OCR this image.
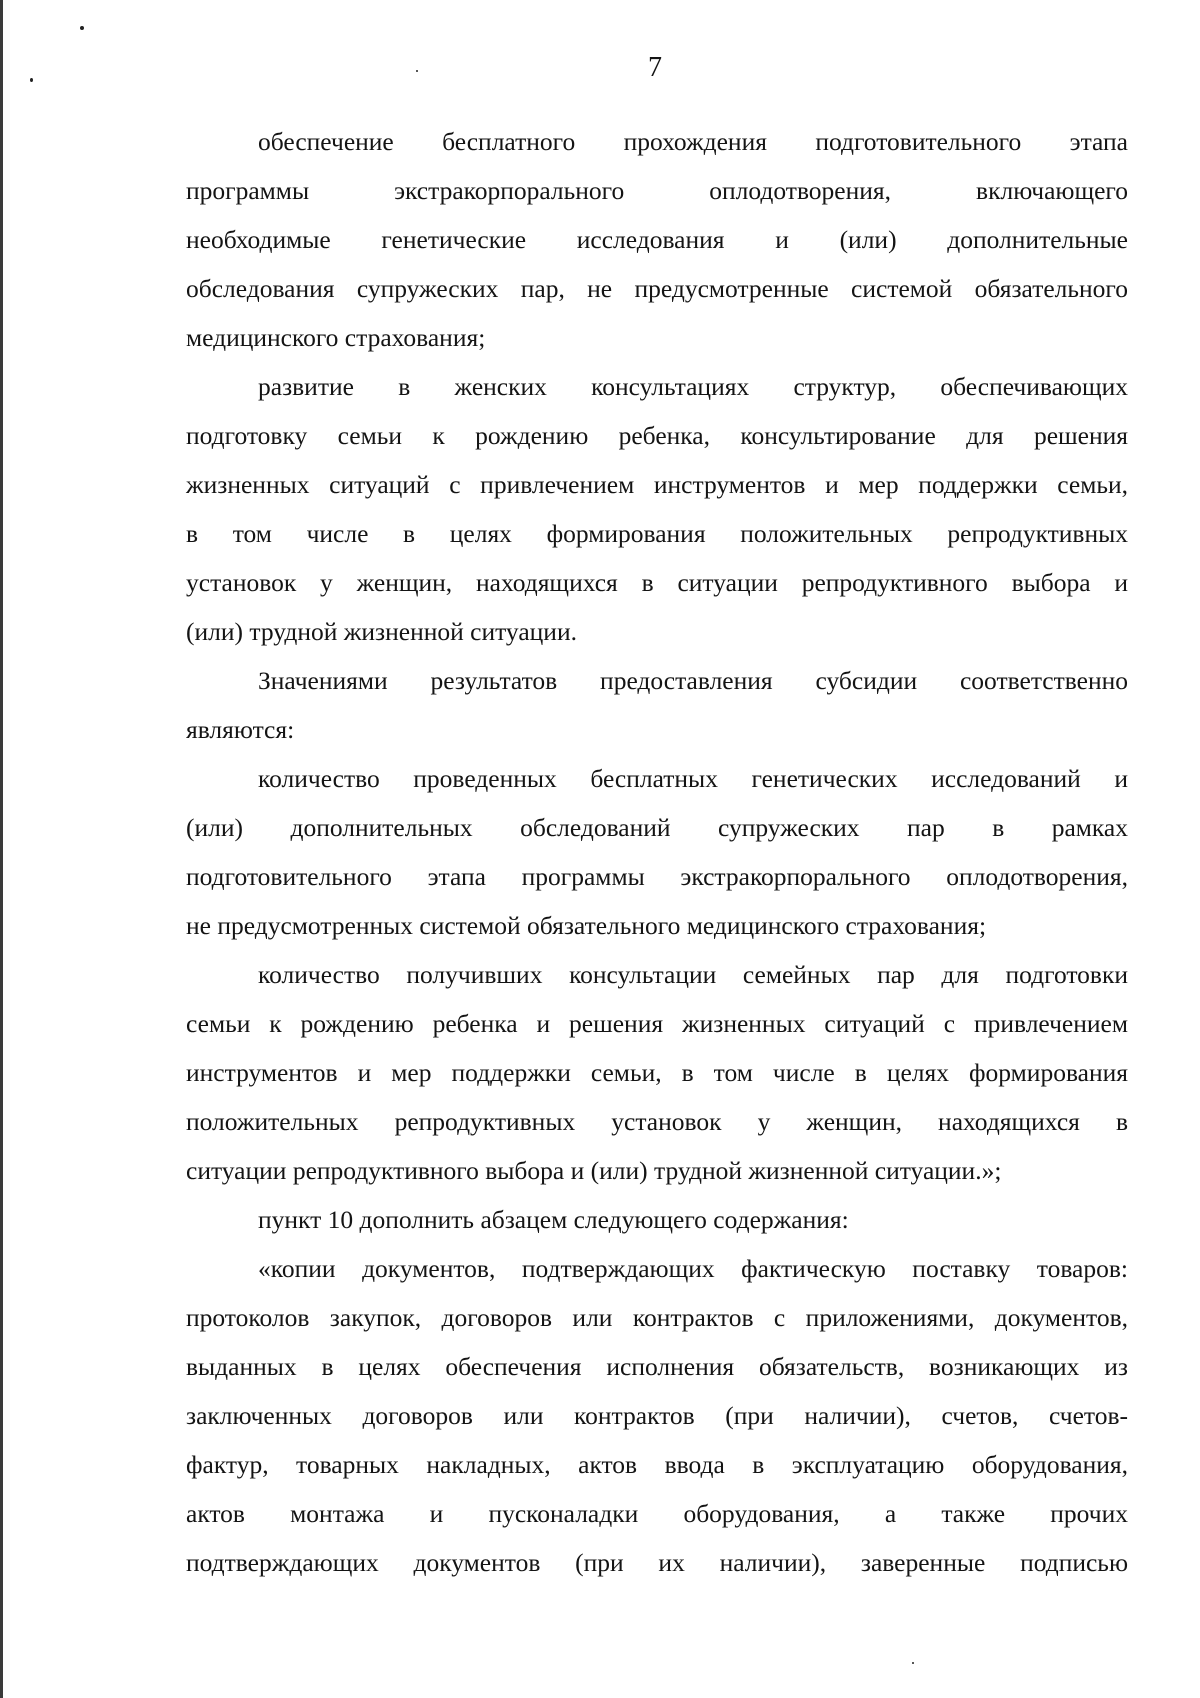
7
обеспечение бесплатного прохождения подготовительного этапа
программы экстракорпорального оплодотворения, включающего
необходимые генетические исследования и (или) дополнительные
обследования супружеских пар, не предусмотренные системой обязательного
медицинского страхования;
развитие в женских консультациях структур, обеспечивающих
подготовку семьи к рождению ребенка, консультирование для решения
жизненных ситуаций с привлечением инструментов и мер поддержки семьи,
в том числе в целях формирования положительных репродуктивных
установок у женщин, находящихся в ситуации репродуктивного выбора и
(или) трудной жизненной ситуации.
Значениями результатов предоставления субсидии соответственно
являются:
количество проведенных бесплатных генетических исследований и
(или) дополнительных обследований супружеских пар в рамках
подготовительного этапа программы экстракорпорального оплодотворения,
не предусмотренных системой обязательного медицинского страхования;
количество получивших консультации семейных пар для подготовки
семьи к рождению ребенка и решения жизненных ситуаций с привлечением
инструментов и мер поддержки семьи, в том числе в целях формирования
положительных репродуктивных установок у женщин, находящихся в
ситуации репродуктивного выбора и (или) трудной жизненной ситуации.»;
пункт 10 дополнить абзацем следующего содержания:
«копии документов, подтверждающих фактическую поставку товаров:
протоколов закупок, договоров или контрактов с приложениями, документов,
выданных в целях обеспечения исполнения обязательств, возникающих из
заключенных договоров или контрактов (при наличии), счетов, счетов-
фактур, товарных накладных, актов ввода в эксплуатацию оборудования,
актов монтажа и пусконаладки оборудования, а также прочих
подтверждающих документов (при их наличии), заверенные подписью
